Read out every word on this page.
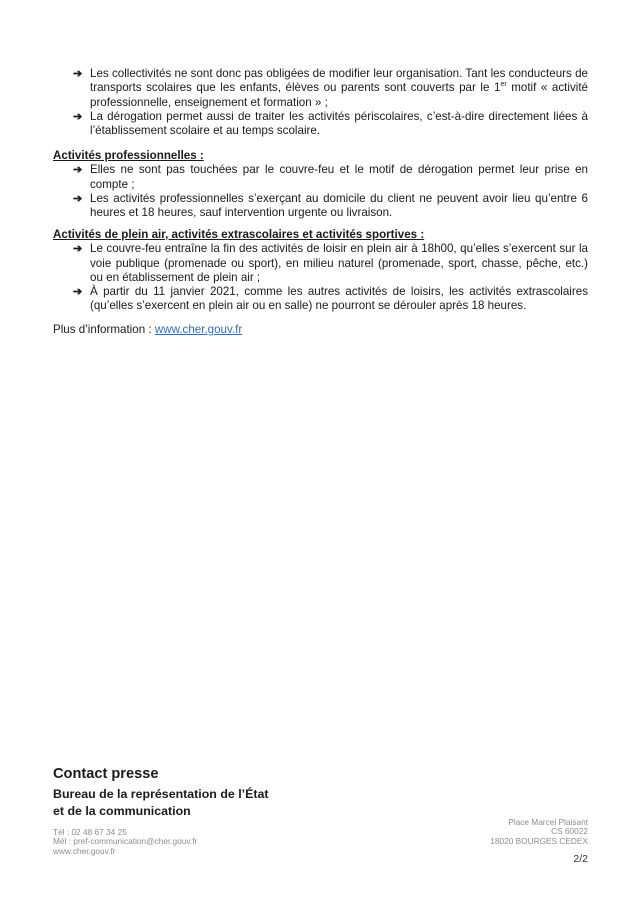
➔ Les collectivités ne sont donc pas obligées de modifier leur organisation. Tant les conducteurs de transports scolaires que les enfants, élèves ou parents sont couverts par le 1er motif « activité professionnelle, enseignement et formation » ;
➔ La dérogation permet aussi de traiter les activités périscolaires, c’est-à-dire directement liées à l’établissement scolaire et au temps scolaire.

Activités professionnelles :

➔ Elles ne sont pas touchées par le couvre-feu et le motif de dérogation permet leur prise en compte ;
➔ Les activités professionnelles s’exerçant au domicile du client ne peuvent avoir lieu qu’entre 6 heures et 18 heures, sauf intervention urgente ou livraison.

Activités de plein air, activités extrascolaires et activités sportives :

➔ Le couvre-feu entraîne la fin des activités de loisir en plein air à 18h00, qu’elles s’exercent sur la voie publique (promenade ou sport), en milieu naturel (promenade, sport, chasse, pêche, etc.) ou en établissement de plein air ;
➔ À partir du 11 janvier 2021, comme les autres activités de loisirs, les activités extrascolaires (qu’elles s’exercent en plein air ou en salle) ne pourront se dérouler après 18 heures.
Plus d’information : www.cher.gouv.fr
Contact presse
Bureau de la représentation de l’État
et de la communication
Tél : 02 48 67 34 25
Mél : pref-communication@cher.gouv.fr
www.cher.gouv.fr
Place Marcel Plaisant
CS 60022
18020 BOURGES CEDEX
2/2
